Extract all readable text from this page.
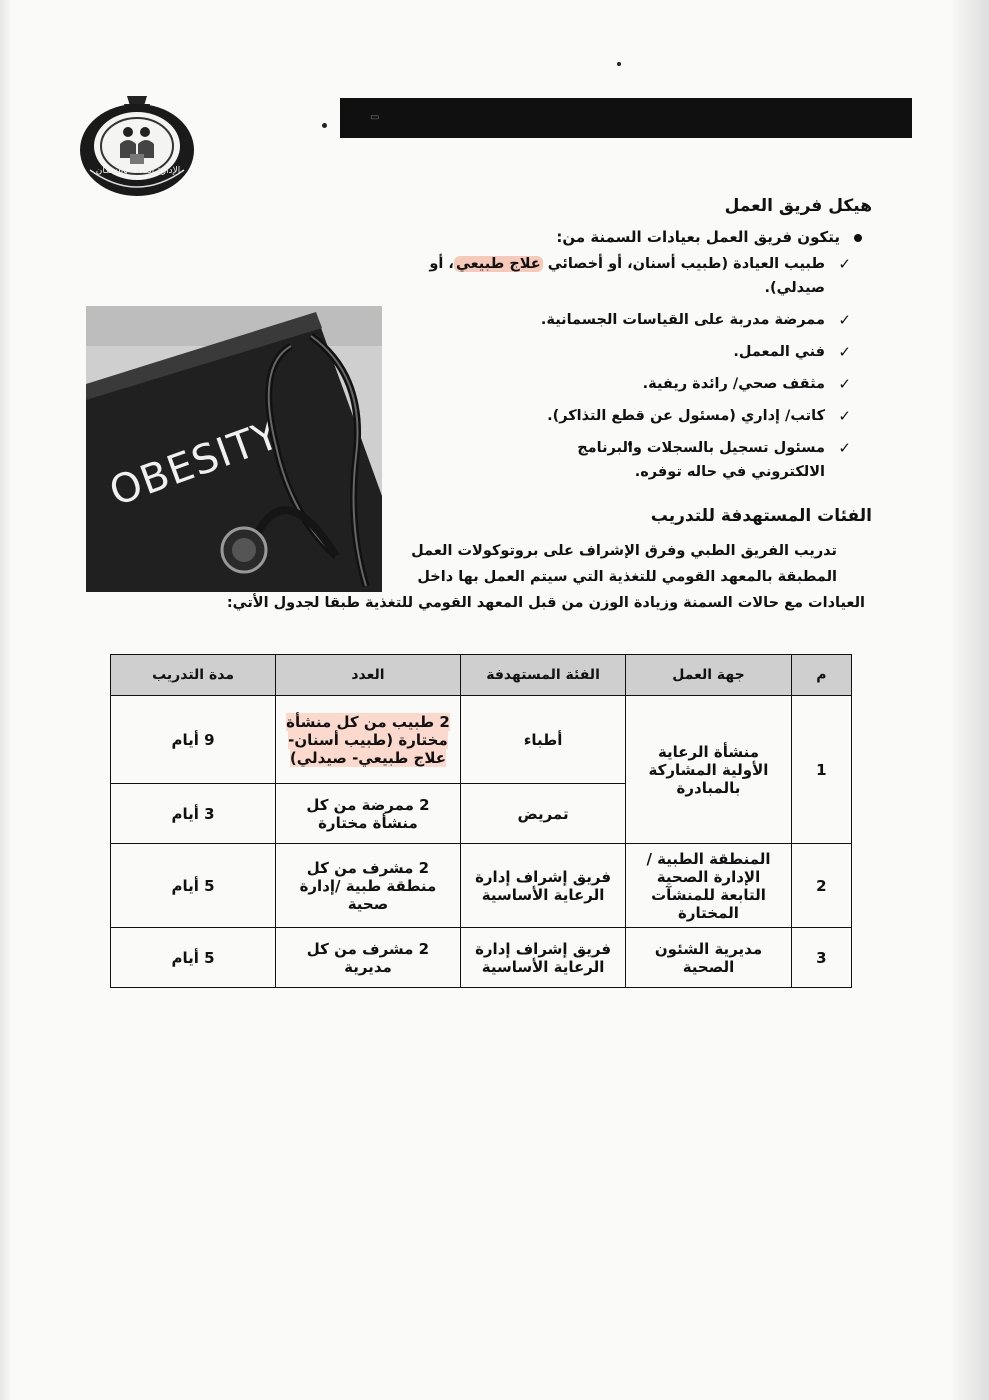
▭
الإدارة الصحة والسكان
هيكل فريق العمل
يتكون فريق العمل بعيادات السمنة من:
✓
طبيب العيادة (طبيب أسنان، أو أخصائي علاج طبيعي، أو صيدلي).
✓
ممرضة مدربة على القياسات الجسمانية.
✓
فني المعمل.
✓
مثقف صحي/ رائدة ريفية.
✓
كاتب/ إداري (مسئول عن قطع التذاكر).
✓
مسئول تسجيل بالسجلات والبرنامج الالكتروني في حاله توفره.
OBESITY
الفئات المستهدفة للتدريب

تدريب الفريق الطبي وفرق الإشراف على بروتوكولات العمل

المطبقة بالمعهد القومي للتغذية التي سيتم العمل بها داخل

العيادات مع حالات السمنة وزيادة الوزن من قبل المعهد القومي للتغذية طبقا لجدول الأتي:

م	جهة العمل	الفئة المستهدفة	العدد	مدة التدريب
1	منشأة الرعاية الأولية المشاركة بالمبادرة	أطباء	2 طبيب من كل منشأة مختارة (طبيب أسنان- علاج طبيعي- صيدلي)	9 أيام
		تمريض	2 ممرضة من كل منشأة مختارة	3 أيام
2	المنطقة الطبية / الإدارة الصحية التابعة للمنشآت المختارة	فريق إشراف إدارة الرعاية الأساسية	2 مشرف من كل منطقة طبية /إدارة صحية	5 أيام
3	مديرية الشئون الصحية	فريق إشراف إدارة الرعاية الأساسية	2 مشرف من كل مديرية	5 أيام
